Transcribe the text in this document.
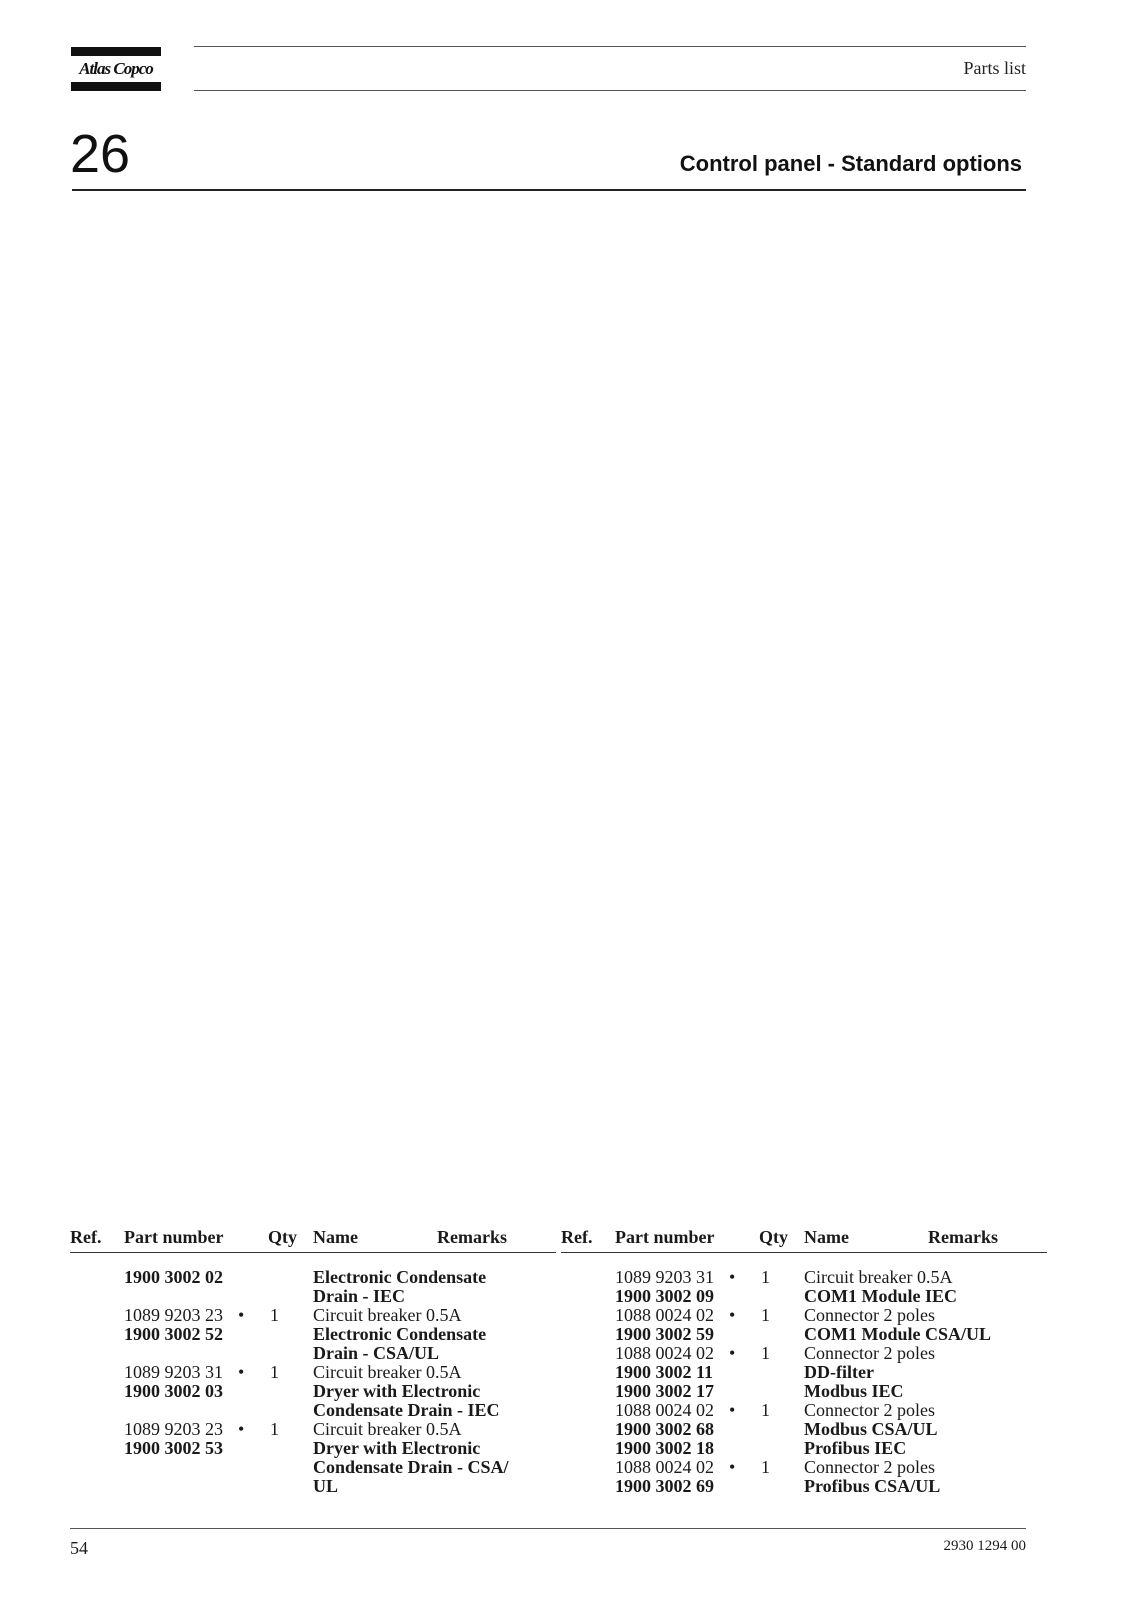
Atlas Copco	Parts list
26	Control panel - Standard options
Ref. Part number Qty Name	Remarks
1900 3002 02	Electronic Condensate Drain - IEC
1089 9203 23 • 1 Circuit breaker 0.5A
1900 3002 52	Electronic Condensate Drain - CSA/UL
1089 9203 31 • 1 Circuit breaker 0.5A
1900 3002 03	Dryer with Electronic Condensate Drain - IEC
1089 9203 23 • 1 Circuit breaker 0.5A
1900 3002 53	Dryer with Electronic Condensate Drain - CSA/ UL
Ref. Part number Qty Name	Remarks
1089 9203 31 • 1 Circuit breaker 0.5A
1900 3002 09	COM1 Module IEC
1088 0024 02 • 1 Connector 2 poles
1900 3002 59	COM1 Module CSA/UL
1088 0024 02 • 1 Connector 2 poles
1900 3002 11	DD-filter
1900 3002 17	Modbus IEC
1088 0024 02 • 1 Connector 2 poles
1900 3002 68	Modbus CSA/UL
1900 3002 18	Profibus IEC
1088 0024 02 • 1 Connector 2 poles
1900 3002 69	Profibus CSA/UL
54	2930 1294 00
